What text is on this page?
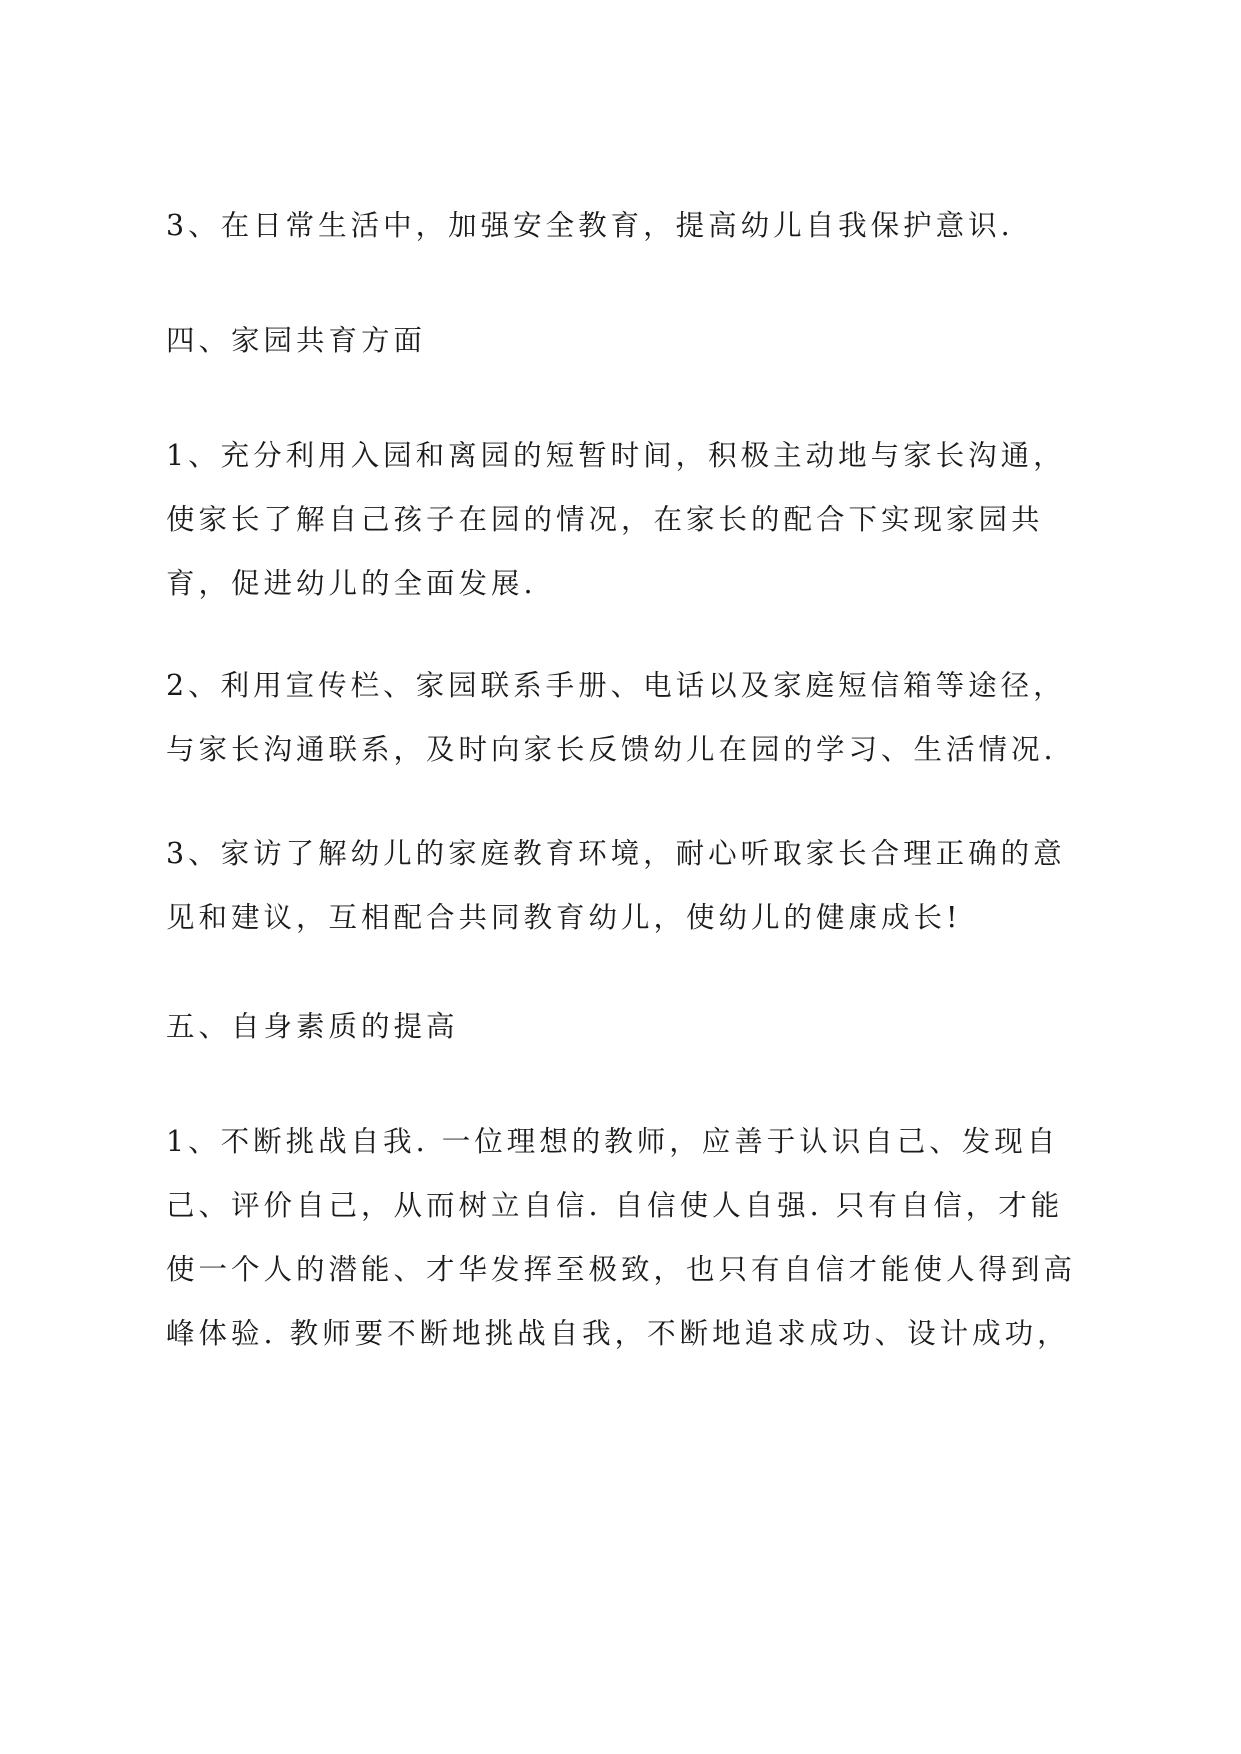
3、在日常生活中，加强安全教育，提高幼儿自我保护意识.
四、家园共育方面
1、充分利用入园和离园的短暂时间，积极主动地与家长沟通，
使家长了解自己孩子在园的情况，在家长的配合下实现家园共
育，促进幼儿的全面发展.
2、利用宣传栏、家园联系手册、电话以及家庭短信箱等途径，
与家长沟通联系，及时向家长反馈幼儿在园的学习、生活情况.
3、家访了解幼儿的家庭教育环境，耐心听取家长合理正确的意
见和建议，互相配合共同教育幼儿，使幼儿的健康成长!
五、自身素质的提高
1、不断挑战自我. 一位理想的教师，应善于认识自己、发现自
己、评价自己，从而树立自信. 自信使人自强. 只有自信，才能
使一个人的潜能、才华发挥至极致，也只有自信才能使人得到高
峰体验. 教师要不断地挑战自我，不断地追求成功、设计成功，
